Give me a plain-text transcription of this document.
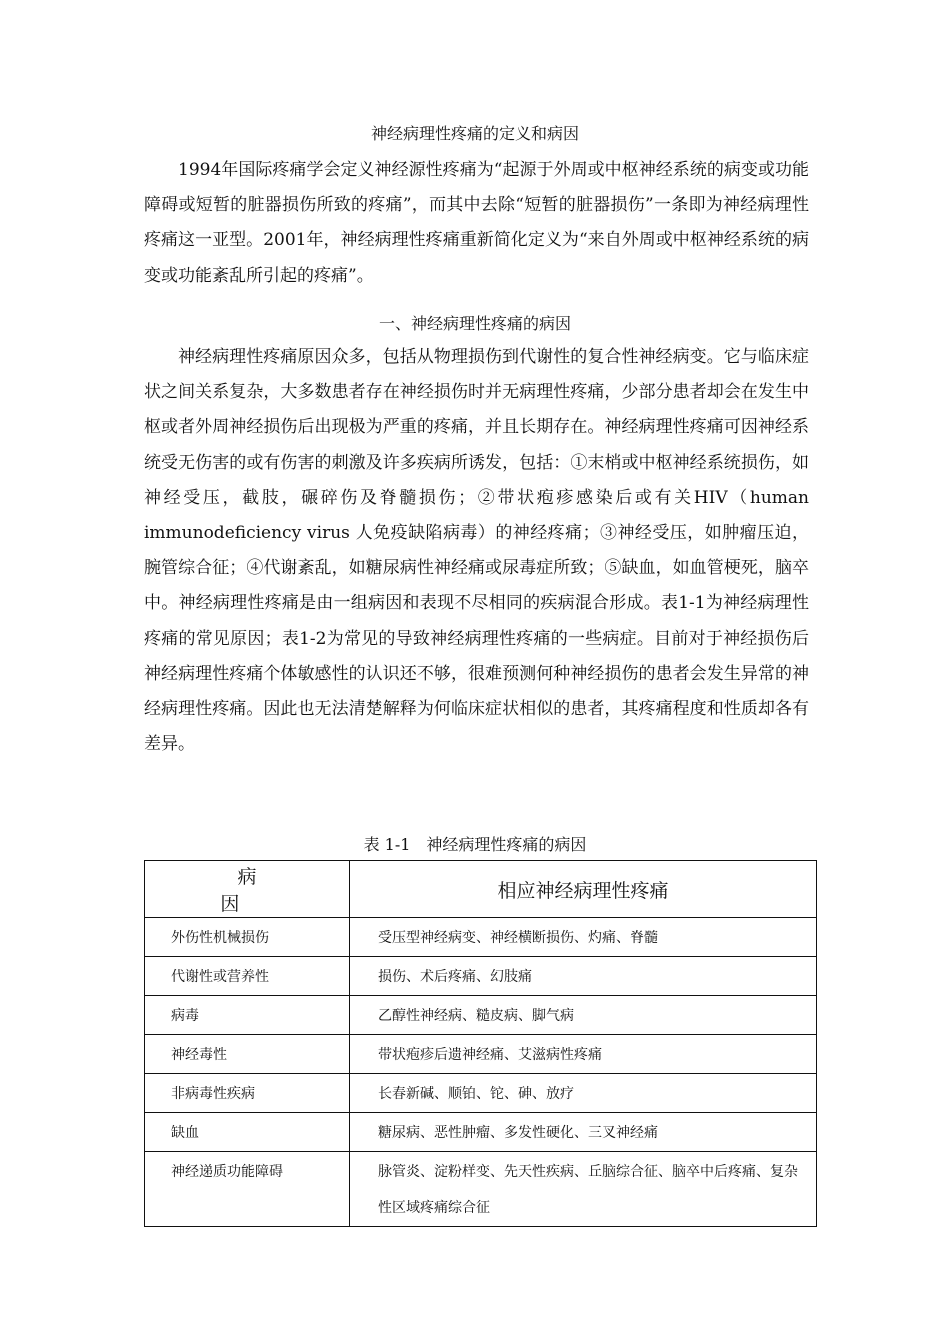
神经病理性疼痛的定义和病因

1994年国际疼痛学会定义神经源性疼痛为“起源于外周或中枢神经系统的病变或功能障碍或短暂的脏器损伤所致的疼痛”，而其中去除“短暂的脏器损伤”一条即为神经病理性疼痛这一亚型。2001年，神经病理性疼痛重新简化定义为“来自外周或中枢神经系统的病变或功能紊乱所引起的疼痛”。

一、神经病理性疼痛的病因

神经病理性疼痛原因众多，包括从物理损伤到代谢性的复合性神经病变。它与临床症状之间关系复杂，大多数患者存在神经损伤时并无病理性疼痛，少部分患者却会在发生中枢或者外周神经损伤后出现极为严重的疼痛，并且长期存在。神经病理性疼痛可因神经系统受无伤害的或有伤害的刺激及许多疾病所诱发，包括：①末梢或中枢神经系统损伤，如神经受压，截肢，碾碎伤及脊髓损伤；②带状疱疹感染后或有关HIV（human immunodeficiency virus 人免疫缺陷病毒）的神经疼痛；③神经受压，如肿瘤压迫，腕管综合征；④代谢紊乱，如糖尿病性神经痛或尿毒症所致；⑤缺血，如血管梗死，脑卒中。神经病理性疼痛是由一组病因和表现不尽相同的疾病混合形成。表1-1为神经病理性疼痛的常见原因；表1-2为常见的导致神经病理性疼痛的一些病症。目前对于神经损伤后神经病理性疼痛个体敏感性的认识还不够，很难预测何种神经损伤的患者会发生异常的神经病理性疼痛。因此也无法清楚解释为何临床症状相似的患者，其疼痛程度和性质却各有差异。

表 1-1　神经病理性疼痛的病因
病　　因	相应神经病理性疼痛
外伤性机械损伤	受压型神经病变、神经横断损伤、灼痛、脊髓
代谢性或营养性	损伤、术后疼痛、幻肢痛
病毒	乙醇性神经病、糙皮病、脚气病
神经毒性	带状疱疹后遗神经痛、艾滋病性疼痛
非病毒性疾病	长春新碱、顺铂、铊、砷、放疗
缺血	糖尿病、恶性肿瘤、多发性硬化、三叉神经痛
神经递质功能障碍	脉管炎、淀粉样变、先天性疾病、丘脑综合征、脑卒中后疼痛、复杂性区域疼痛综合征
